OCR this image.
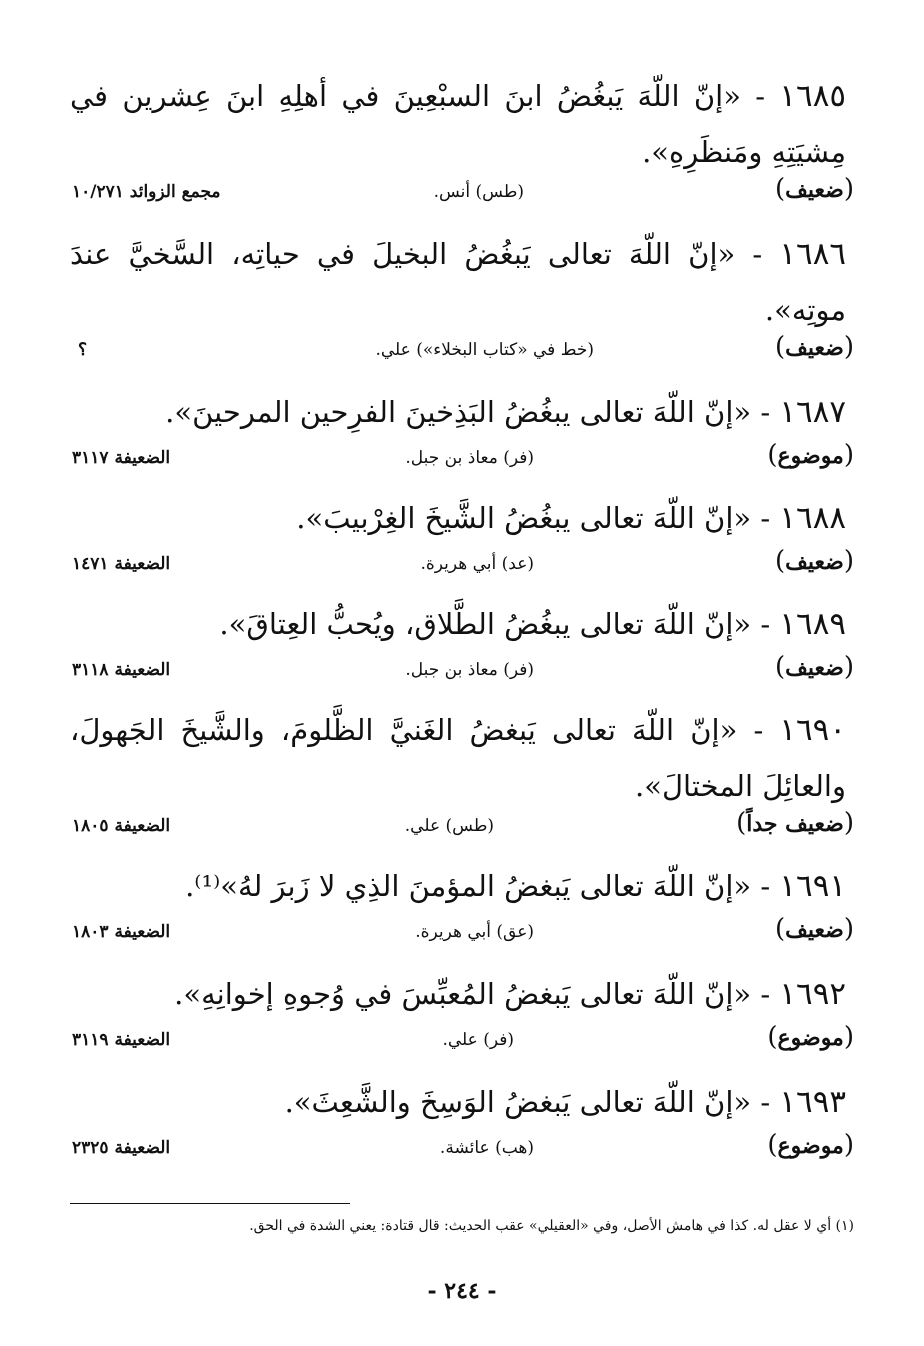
١٦٨٥ - «إنّ اللّهَ يَبغُضُ ابنَ السبْعِينَ في أهلِهِ ابنَ عِشرين في مِشيَتِهِ ومَنظَرِهِ».
(ضعيف)
(طس) أنس.
مجمع الزوائد ١٠/٢٧١
١٦٨٦ - «إنّ اللّهَ تعالى يَبغُضُ البخيلَ في حياتِه، السَّخيَّ عندَ موتِه».
(ضعيف)
(خط في «كتاب البخلاء») علي.
؟
١٦٨٧ - «إنّ اللّهَ تعالى يبغُضُ البَذِخينَ الفرِحين المرحينَ».
(موضوع)
(فر) معاذ بن جبل.
الضعيفة ٣١١٧
١٦٨٨ - «إنّ اللّهَ تعالى يبغُضُ الشَّيخَ الغِرْبيبَ».
(ضعيف)
(عد) أبي هريرة.
الضعيفة ١٤٧١
١٦٨٩ - «إنّ اللّهَ تعالى يبغُضُ الطَّلاق، ويُحبُّ العِتاقَ».
(ضعيف)
(فر) معاذ بن جبل.
الضعيفة ٣١١٨
١٦٩٠ - «إنّ اللّهَ تعالى يَبغضُ الغَنيَّ الظَّلومَ، والشَّيخَ الجَهولَ، والعائِلَ المختالَ».
(ضعيف جداً)
(طس) علي.
الضعيفة ١٨٠٥
١٦٩١ - «إنّ اللّهَ تعالى يَبغضُ المؤمنَ الذِي لا زَبرَ لهُ»⁽¹⁾.
(ضعيف)
(عق) أبي هريرة.
الضعيفة ١٨٠٣
١٦٩٢ - «إنّ اللّهَ تعالى يَبغضُ المُعبِّسَ في وُجوهِ إخوانِهِ».
(موضوع)
(فر) علي.
الضعيفة ٣١١٩
١٦٩٣ - «إنّ اللّهَ تعالى يَبغضُ الوَسِخَ والشَّعِثَ».
(موضوع)
(هب) عائشة.
الضعيفة ٢٣٢٥
(١) أي لا عقل له. كذا في هامش الأصل، وفي «العقيلي» عقب الحديث: قال قتادة: يعني الشدة في الحق.
- ٢٤٤ -
